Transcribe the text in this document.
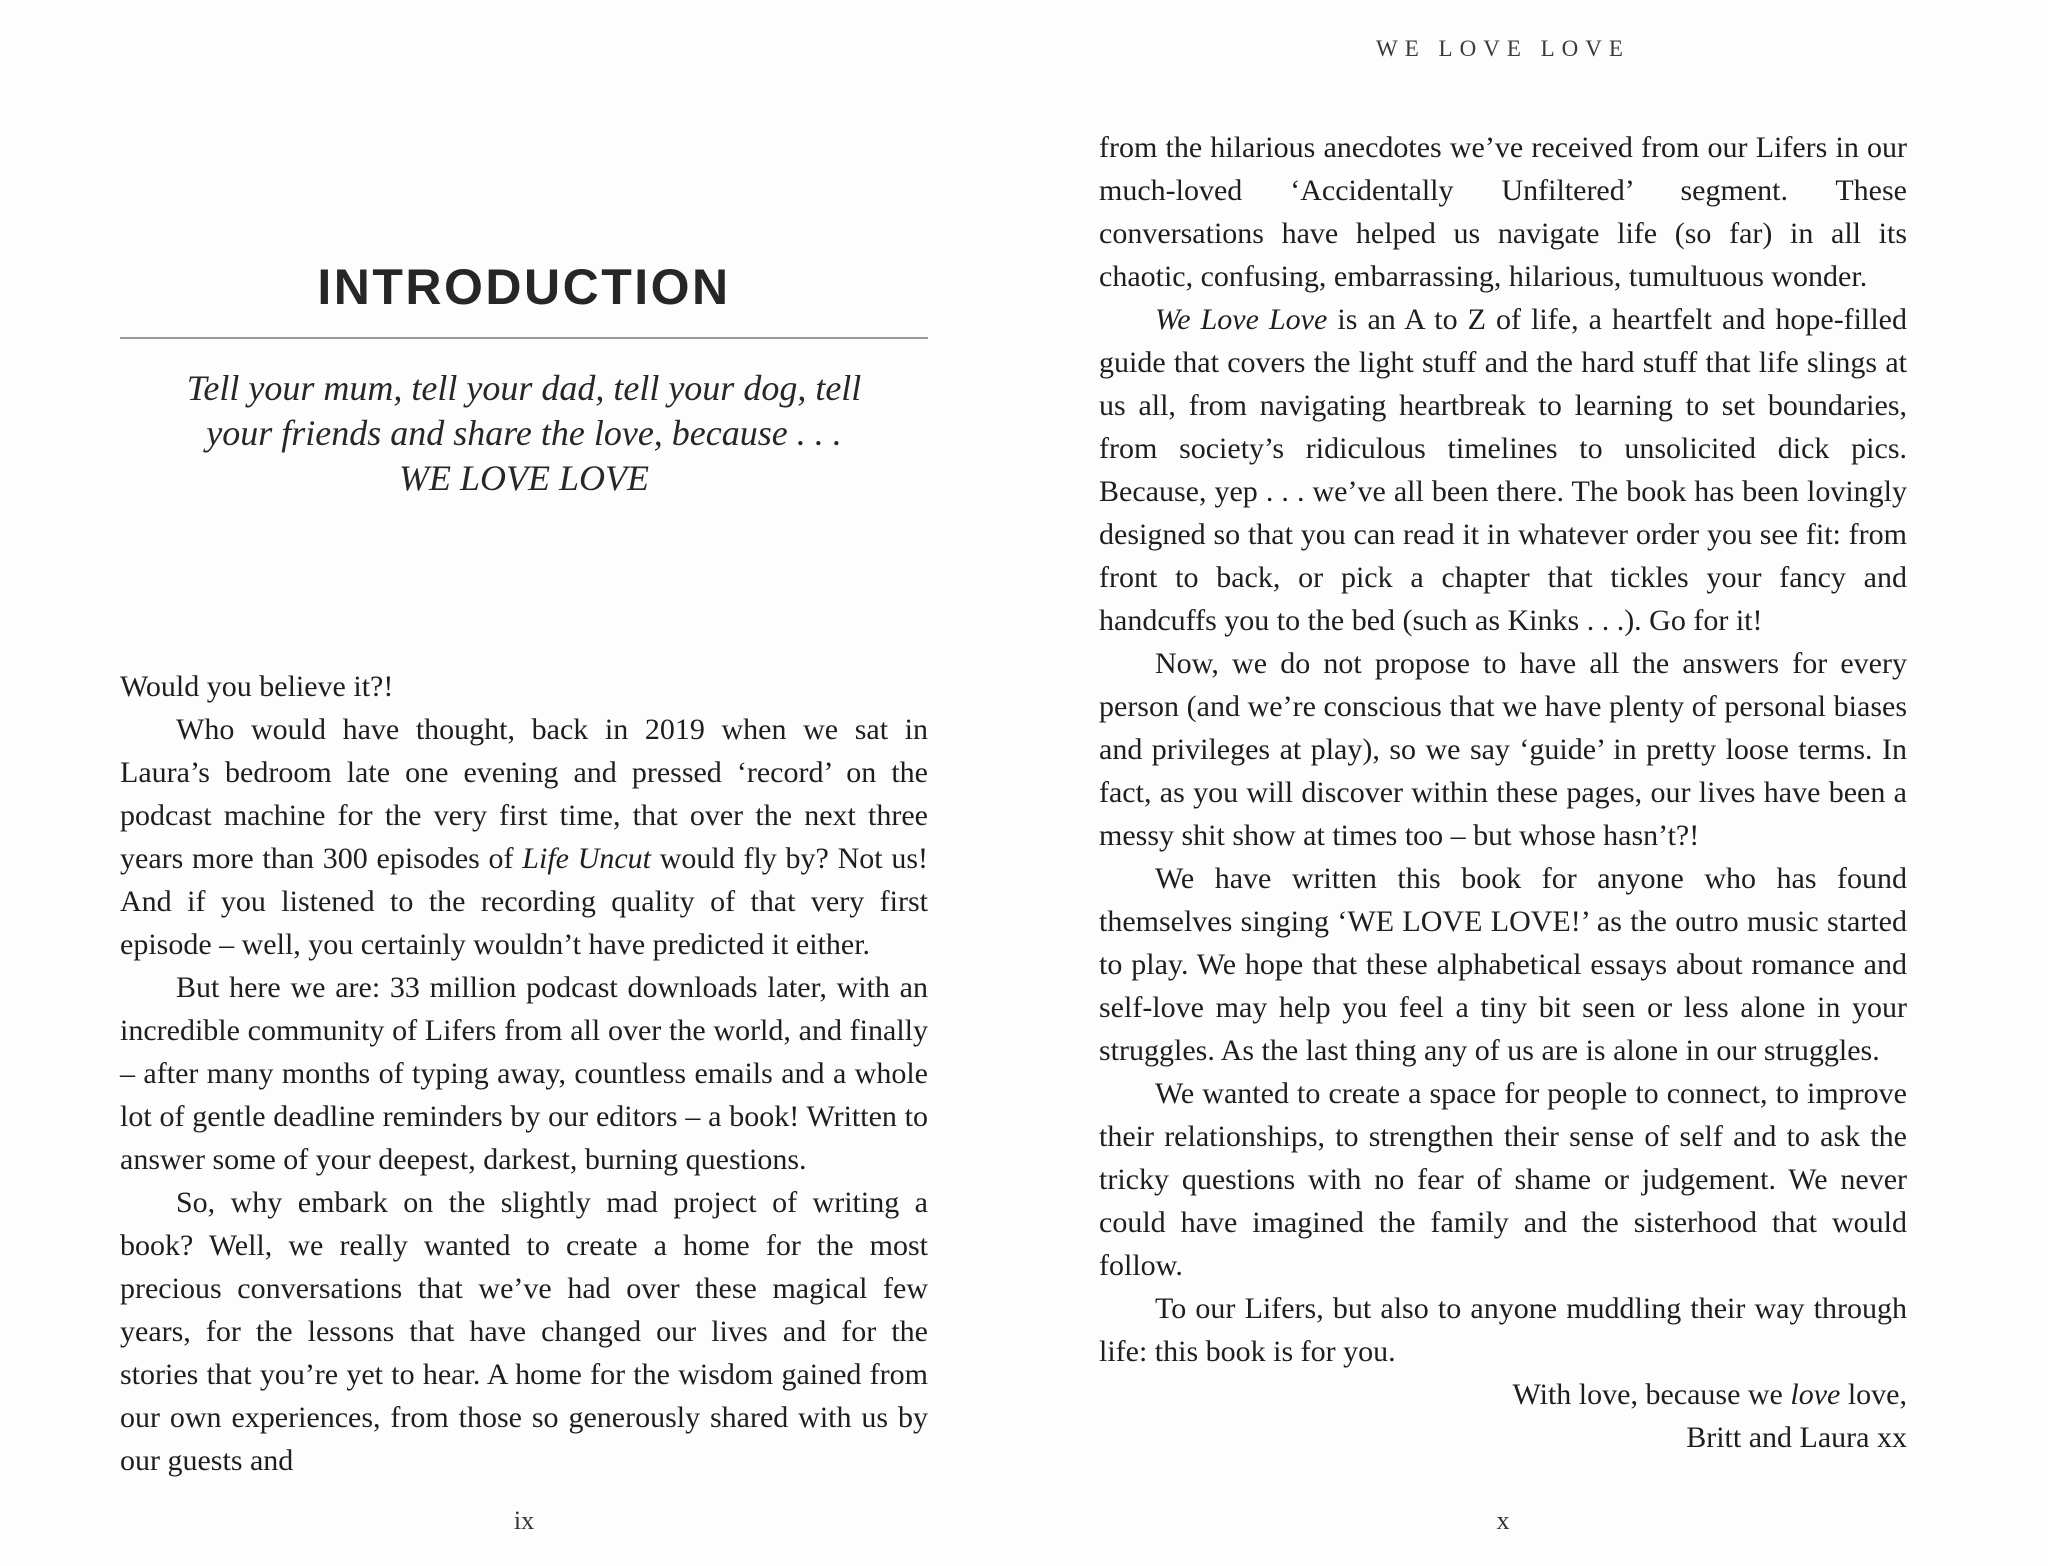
INTRODUCTION
Tell your mum, tell your dad, tell your dog, tell
your friends and share the love, because . . .
WE LOVE LOVE

Would you believe it?!

Who would have thought, back in 2019 when we sat in Laura’s bedroom late one evening and pressed ‘record’ on the podcast machine for the very first time, that over the next three years more than 300 episodes of Life Uncut would fly by? Not us! And if you listened to the recording quality of that very first episode – well, you certainly wouldn’t have predicted it either.

But here we are: 33 million podcast downloads later, with an incredible community of Lifers from all over the world, and finally – after many months of typing away, countless emails and a whole lot of gentle deadline reminders by our editors – a book! Written to answer some of your deepest, darkest, burning questions.

So, why embark on the slightly mad project of writing a book? Well, we really wanted to create a home for the most precious conversations that we’ve had over these magical few years, for the lessons that have changed our lives and for the stories that you’re yet to hear. A home for the wisdom gained from our own experiences, from those so generously shared with us by our guests and

ix
WE LOVE LOVE

from the hilarious anecdotes we’ve received from our Lifers in our much-loved ‘Accidentally Unfiltered’ segment. These conversations have helped us navigate life (so far) in all its chaotic, confusing, embarrassing, hilarious, tumultuous wonder.

We Love Love is an A to Z of life, a heartfelt and hope-filled guide that covers the light stuff and the hard stuff that life slings at us all, from navigating heartbreak to learning to set boundaries, from society’s ridiculous timelines to unsolicited dick pics. Because, yep . . . we’ve all been there. The book has been lovingly designed so that you can read it in whatever order you see fit: from front to back, or pick a chapter that tickles your fancy and handcuffs you to the bed (such as Kinks . . .). Go for it!

Now, we do not propose to have all the answers for every person (and we’re conscious that we have plenty of personal biases and privileges at play), so we say ‘guide’ in pretty loose terms. In fact, as you will discover within these pages, our lives have been a messy shit show at times too – but whose hasn’t?!

We have written this book for anyone who has found themselves singing ‘WE LOVE LOVE!’ as the outro music started to play. We hope that these alphabetical essays about romance and self-love may help you feel a tiny bit seen or less alone in your struggles. As the last thing any of us are is alone in our struggles.

We wanted to create a space for people to connect, to improve their relationships, to strengthen their sense of self and to ask the tricky questions with no fear of shame or judgement. We never could have imagined the family and the sisterhood that would follow.

To our Lifers, but also to anyone muddling their way through life: this book is for you.

With love, because we love love,

Britt and Laura xx

x
